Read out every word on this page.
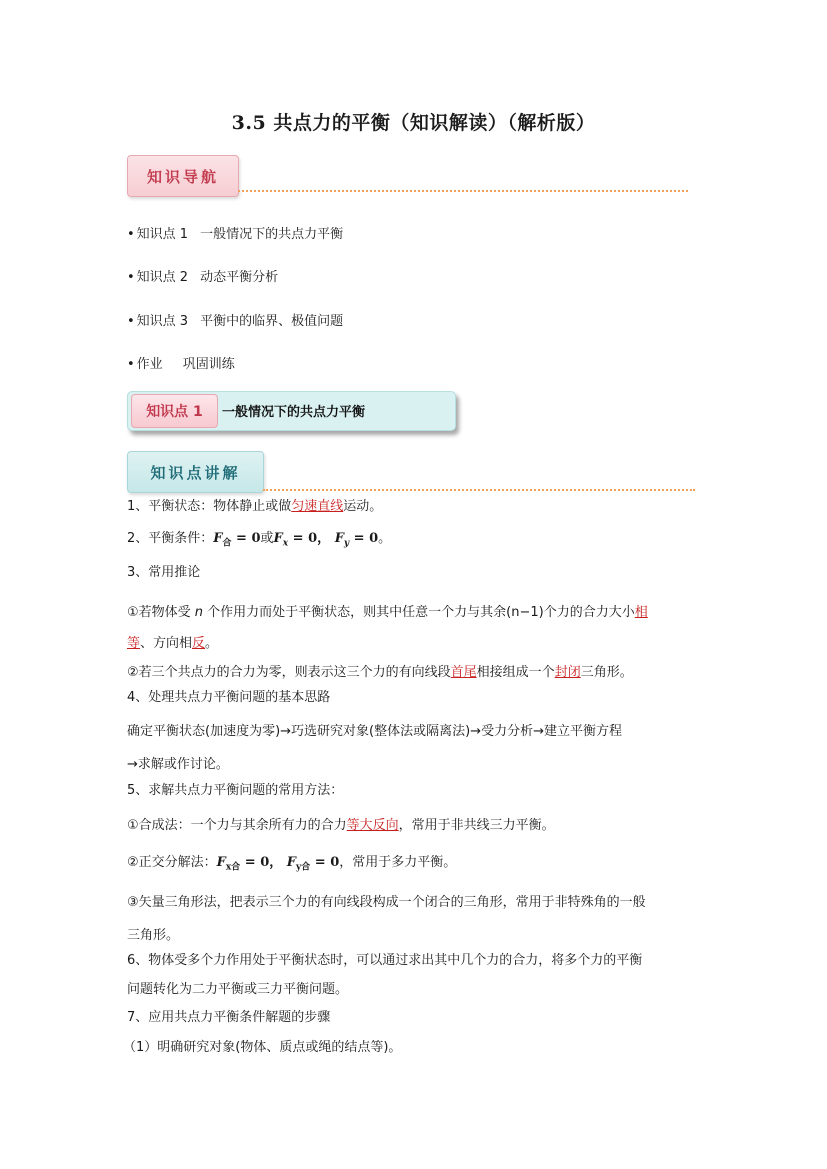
3.5 共点力的平衡（知识解读）（解析版）
知识导航
• 知识点 1 一般情况下的共点力平衡
• 知识点 2 动态平衡分析
• 知识点 3 平衡中的临界、极值问题
• 作业 巩固训练
知识点 1	一般情况下的共点力平衡
知识点讲解
1、平衡状态：物体静止或做匀速直线运动。
2、平衡条件：$F_合 = 0$或$F_x = 0$， $F_y = 0$。
3、常用推论
①若物体受 n 个作用力而处于平衡状态，则其中任意一个力与其余(n−1)个力的合力大小相
等、方向相反。
②若三个共点力的合力为零，则表示这三个力的有向线段首尾相接组成一个封闭三角形。
4、处理共点力平衡问题的基本思路
确定平衡状态(加速度为零)→巧选研究对象(整体法或隔离法)→受力分析→建立平衡方程
→求解或作讨论。
5、求解共点力平衡问题的常用方法：
①合成法：一个力与其余所有力的合力等大反向，常用于非共线三力平衡。
②正交分解法：$F_{x合} = 0$， $F_{y合} = 0$，常用于多力平衡。
③矢量三角形法，把表示三个力的有向线段构成一个闭合的三角形，常用于非特殊角的一般
三角形。
6、物体受多个力作用处于平衡状态时，可以通过求出其中几个力的合力，将多个力的平衡
问题转化为二力平衡或三力平衡问题。
7、应用共点力平衡条件解题的步骤
（1）明确研究对象(物体、质点或绳的结点等)。
